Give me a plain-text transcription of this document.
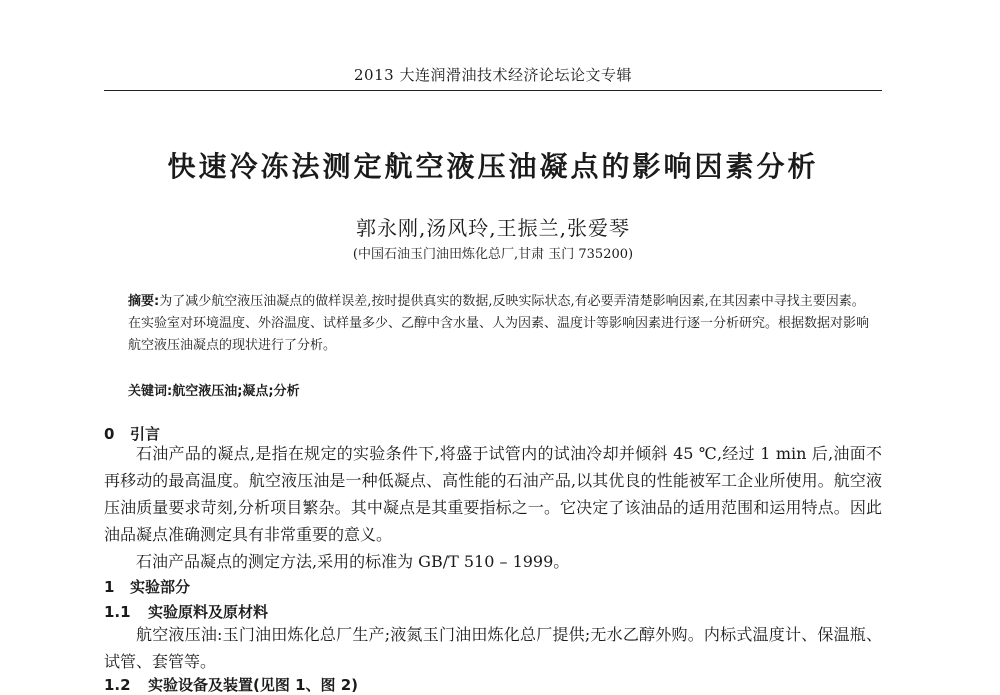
2013 大连润滑油技术经济论坛论文专辑
快速冷冻法测定航空液压油凝点的影响因素分析
郭永刚,汤风玲,王振兰,张爱琴
(中国石油玉门油田炼化总厂,甘肃 玉门 735200)
摘要:为了减少航空液压油凝点的做样误差,按时提供真实的数据,反映实际状态,有必要弄清楚影响因素,在其因素中寻找主要因素。在实验室对环境温度、外浴温度、试样量多少、乙醇中含水量、人为因素、温度计等影响因素进行逐一分析研究。根据数据对影响航空液压油凝点的现状进行了分析。
关键词:航空液压油;凝点;分析
0 引言

石油产品的凝点,是指在规定的实验条件下,将盛于试管内的试油冷却并倾斜 45 ℃,经过 1 min 后,油面不再移动的最高温度。航空液压油是一种低凝点、高性能的石油产品,以其优良的性能被军工企业所使用。航空液压油质量要求苛刻,分析项目繁杂。其中凝点是其重要指标之一。它决定了该油品的适用范围和运用特点。因此油品凝点准确测定具有非常重要的意义。

石油产品凝点的测定方法,采用的标准为 GB/T 510 – 1999。

1 实验部分
1.1 实验原料及原材料

航空液压油:玉门油田炼化总厂生产;液氮玉门油田炼化总厂提供;无水乙醇外购。内标式温度计、保温瓶、试管、套管等。

1.2 实验设备及装置(见图 1、图 2)
